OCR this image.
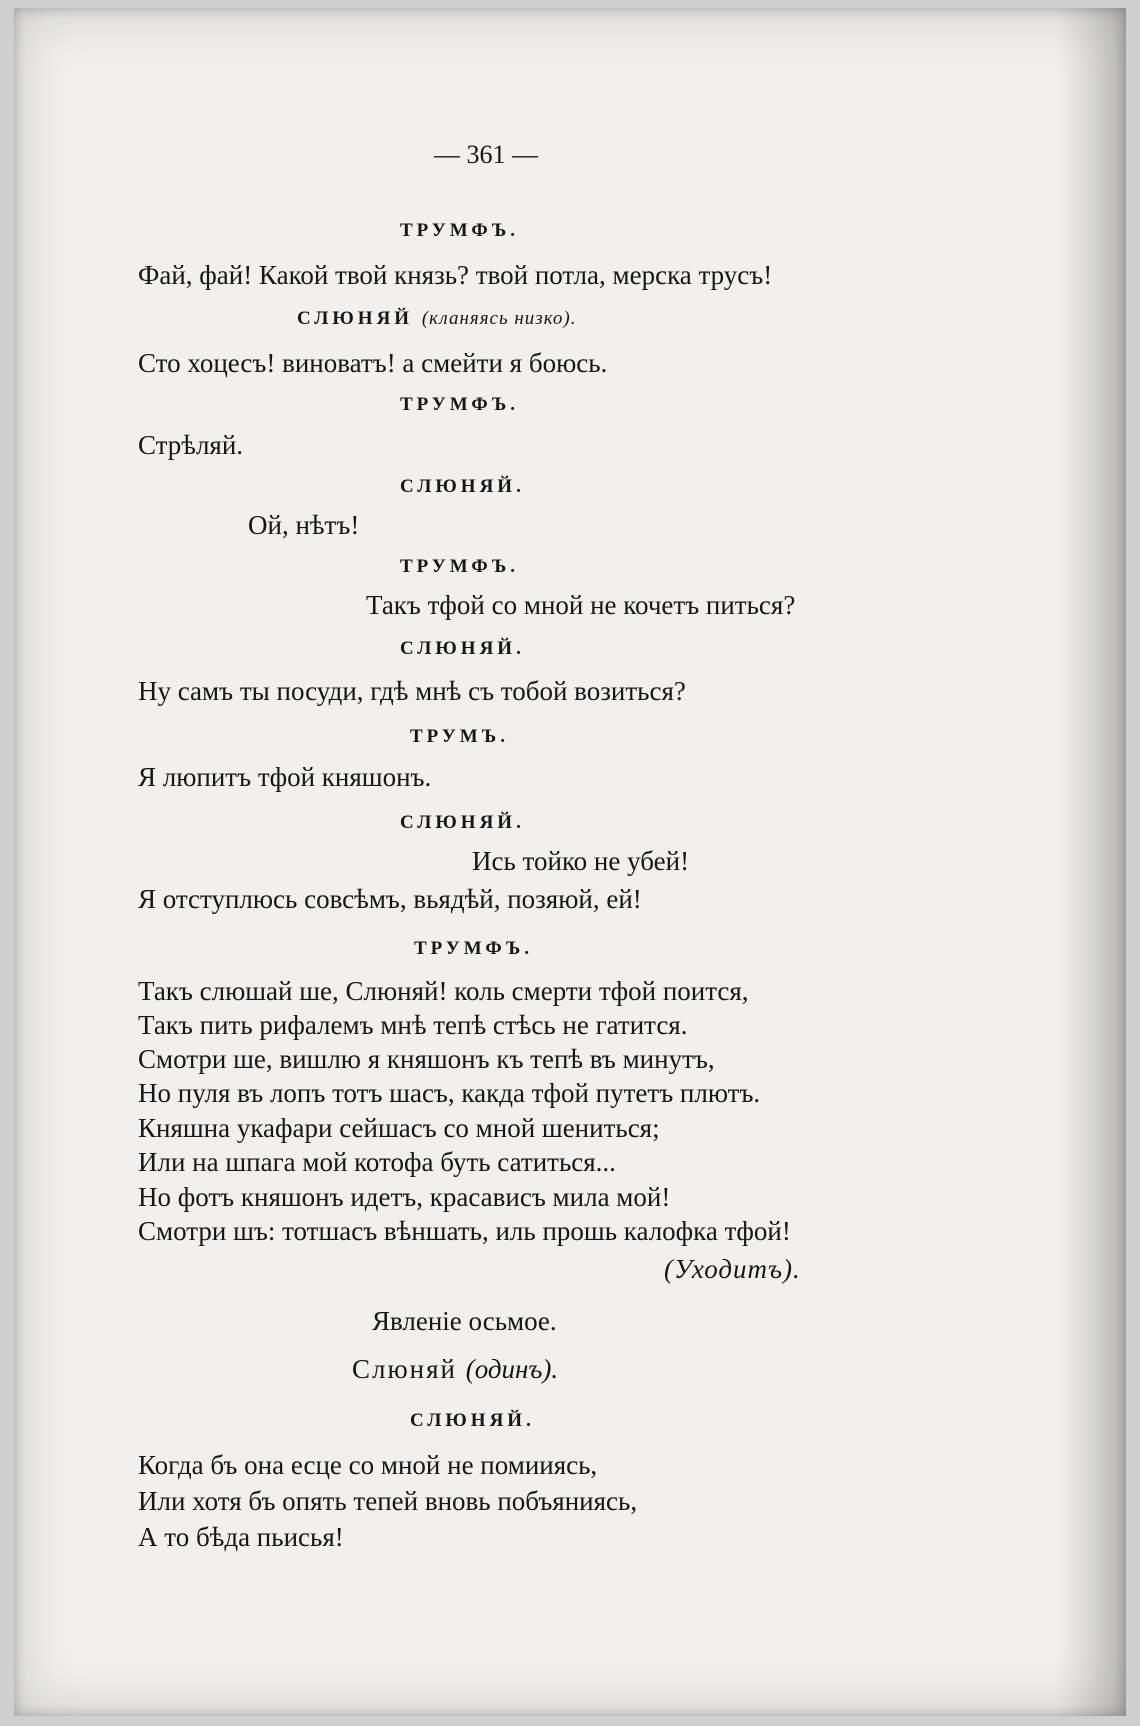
— 361 —
ТРУМФЪ.
Фай, фай! Какой твой князь? твой потла, мерска трусъ!
СЛЮНЯЙ (кланяясь низко).
Сто хоцесъ! виноватъ! а смейти я боюсь.
ТРУМФЪ.
Стрѣляй.
СЛЮНЯЙ.
Ой, нѣтъ!
ТРУМФЪ.
Такъ тфой со мной не кочетъ питься?
СЛЮНЯЙ.
Ну самъ ты посуди, гдѣ мнѣ съ тобой возиться?
ТРУМЪ.
Я люпитъ тфой княшонъ.
СЛЮНЯЙ.
Ись тойко не убей!
Я отступлюсь совсѣмъ, вьядѣй, позяюй, ей!
ТРУМФЪ.
Такъ слюшай ше, Слюняй! коль смерти тфой поится,
Такъ пить рифалемъ мнѣ тепѣ стѣсь не гатится.
Смотри ше, вишлю я княшонъ къ тепѣ въ минутъ,
Но пуля въ лопъ тотъ шасъ, какда тфой путетъ плютъ.
Княшна укафари сейшасъ со мной шениться;
Или на шпага мой котофа буть сатиться...
Но фотъ княшонъ идетъ, красависъ мила мой!
Смотри шъ: тотшасъ вѣншать, иль прошь калофка тфой!
(Уходитъ).
Явленіе осьмое.
Слюняй (одинъ).
СЛЮНЯЙ.
Когда бъ она есце со мной не помиияcь,
Или хотя бъ опять тепей вновь побъяниясь,
А то бѣда пьисья!
